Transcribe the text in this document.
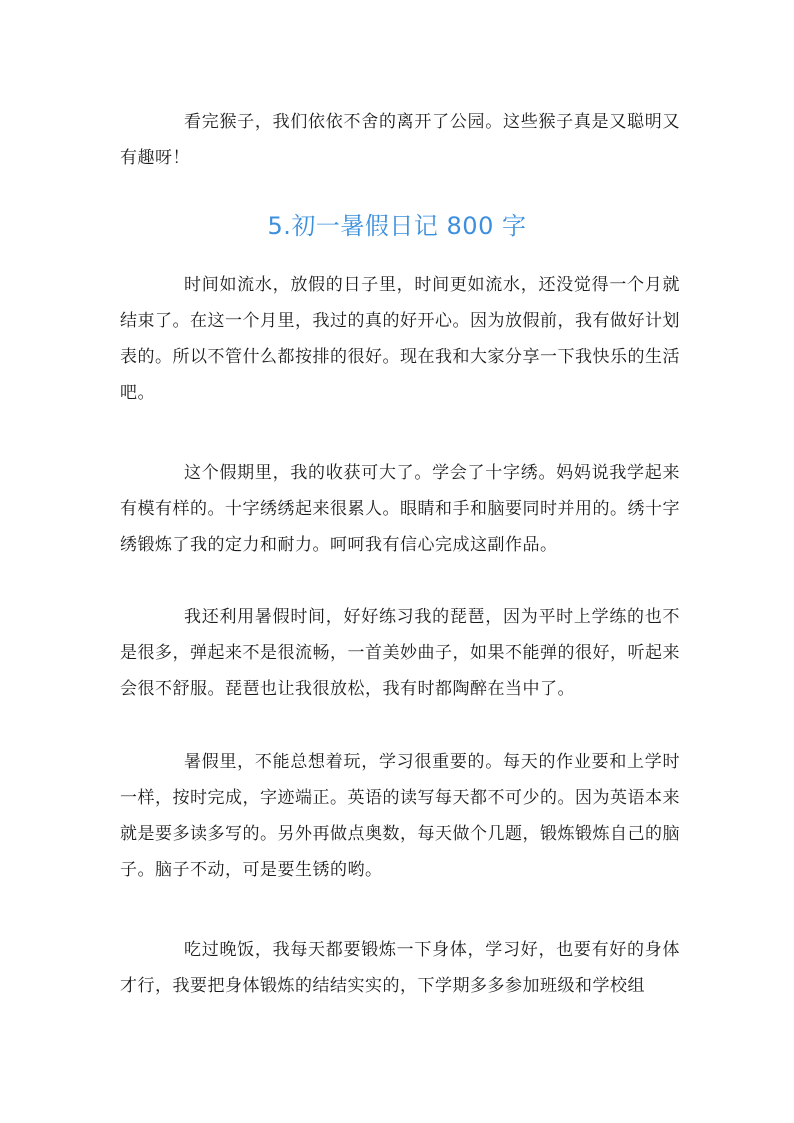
看完猴子，我们依依不舍的离开了公园。这些猴子真是又聪明又有趣呀！

5.初一暑假日记 800 字

时间如流水，放假的日子里，时间更如流水，还没觉得一个月就结束了。在这一个月里，我过的真的好开心。因为放假前，我有做好计划表的。所以不管什么都按排的很好。现在我和大家分享一下我快乐的生活吧。

这个假期里，我的收获可大了。学会了十字绣。妈妈说我学起来有模有样的。十字绣绣起来很累人。眼睛和手和脑要同时并用的。绣十字绣锻炼了我的定力和耐力。呵呵我有信心完成这副作品。

我还利用暑假时间，好好练习我的琵琶，因为平时上学练的也不是很多，弹起来不是很流畅，一首美妙曲子，如果不能弹的很好，听起来会很不舒服。琵琶也让我很放松，我有时都陶醉在当中了。

暑假里，不能总想着玩，学习很重要的。每天的作业要和上学时一样，按时完成，字迹端正。英语的读写每天都不可少的。因为英语本来就是要多读多写的。另外再做点奥数，每天做个几题，锻炼锻炼自己的脑子。脑子不动，可是要生锈的哟。

吃过晚饭，我每天都要锻炼一下身体，学习好，也要有好的身体才行，我要把身体锻炼的结结实实的，下学期多多参加班级和学校组
